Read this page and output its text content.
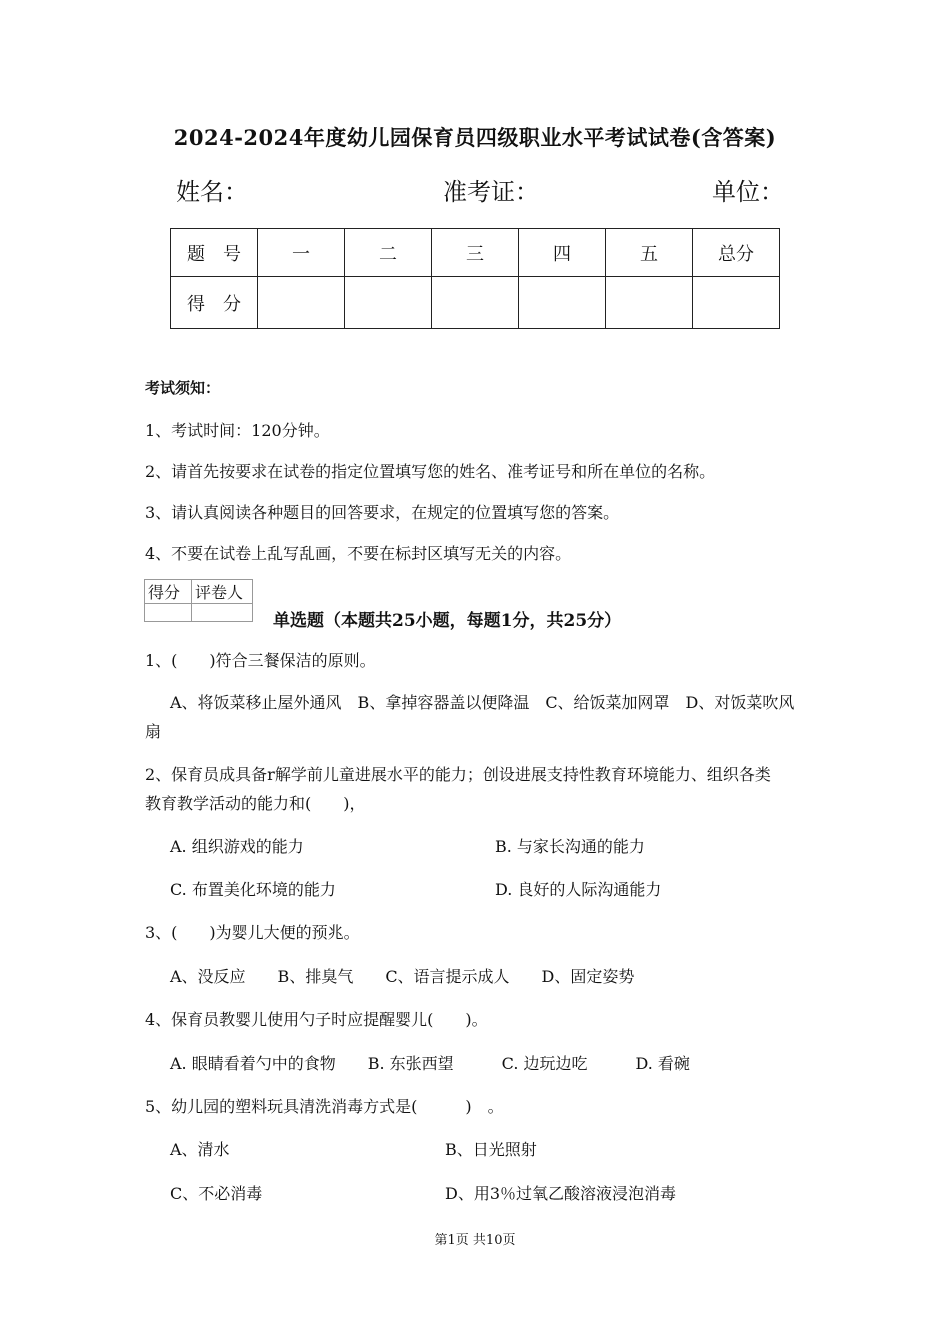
2024-2024年度幼儿园保育员四级职业水平考试试卷(含答案)
姓名：	准考证：	单位：
题　号	一	二	三	四	五	总分
得　分						
考试须知：
1、考试时间：120分钟。
2、请首先按要求在试卷的指定位置填写您的姓名、准考证号和所在单位的名称。
3、请认真阅读各种题目的回答要求，在规定的位置填写您的答案。
4、不要在试卷上乱写乱画，不要在标封区填写无关的内容。
得分	评卷人

单选题（本题共25小题，每题1分，共25分）
1、(　　)符合三餐保洁的原则。
A、将饭菜移止屋外通风　B、拿掉容器盖以便降温　C、给饭菜加网罩　D、对饭菜吹风
扇
2、保育员成具备r解学前儿童进展水平的能力；创设进展支持性教育环境能力、组织各类
教育教学活动的能力和(　　)，
A. 组织游戏的能力	B. 与家长沟通的能力
C. 布置美化环境的能力	D. 良好的人际沟通能力
3、(　　)为婴儿大便的预兆。
A、没反应　　B、排臭气　　C、语言提示成人　　D、固定姿势
4、保育员教婴儿使用勺子时应提醒婴儿(　　)。
A. 眼睛看着勺中的食物　　B. 东张西望　　　C. 边玩边吃　　　D. 看碗
5、幼儿园的塑料玩具清洗消毒方式是(　　　)　。
A、清水	B、日光照射
C、不必消毒	D、用3％过氧乙酸溶液浸泡消毒
第1页 共10页
